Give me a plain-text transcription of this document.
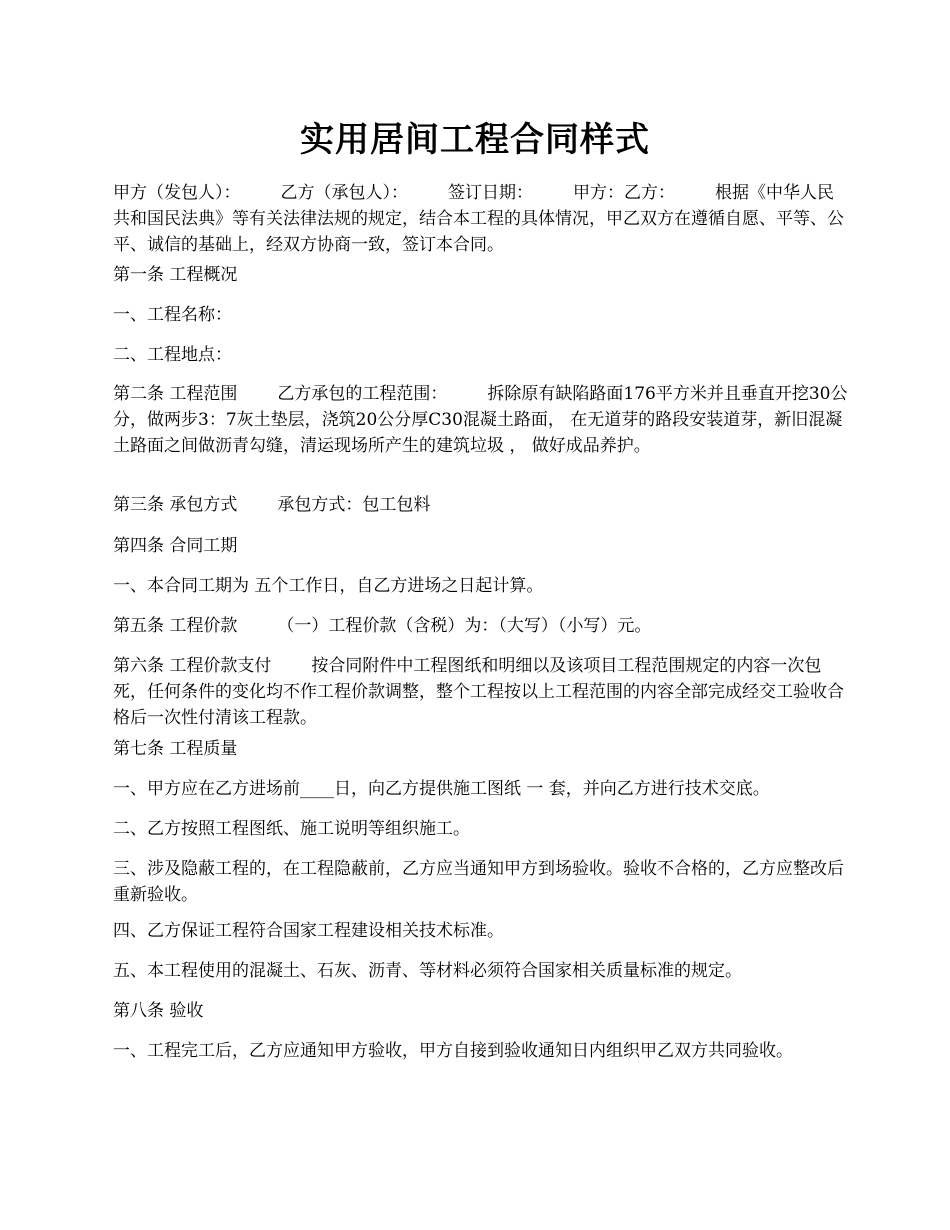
实用居间工程合同样式

甲方（发包人）： 乙方（承包人）： 签订日期： 甲方：乙方： 根据《中华人民共和国民法典》等有关法律法规的规定，结合本工程的具体情况，甲乙双方在遵循自愿、平等、公平、诚信的基础上，经双方协商一致，签订本合同。

第一条 工程概况

一、工程名称：

二、工程地点：

第二条 工程范围 乙方承包的工程范围： 拆除原有缺陷路面176平方米并且垂直开挖30公分，做两步3：7灰土垫层，浇筑20公分厚C30混凝土路面， 在无道芽的路段安装道芽，新旧混凝土路面之间做沥青勾缝，清运现场所产生的建筑垃圾 ， 做好成品养护。

第三条 承包方式 承包方式：包工包料

第四条 合同工期

一、本合同工期为 五个工作日，自乙方进场之日起计算。

第五条 工程价款 （一）工程价款（含税）为：（大写）（小写）元。

第六条 工程价款支付 按合同附件中工程图纸和明细以及该项目工程范围规定的内容一次包死，任何条件的变化均不作工程价款调整，整个工程按以上工程范围的内容全部完成经交工验收合格后一次性付清该工程款。

第七条 工程质量

一、甲方应在乙方进场前____日，向乙方提供施工图纸 一 套，并向乙方进行技术交底。

二、乙方按照工程图纸、施工说明等组织施工。

三、涉及隐蔽工程的，在工程隐蔽前，乙方应当通知甲方到场验收。验收不合格的，乙方应整改后重新验收。

四、乙方保证工程符合国家工程建设相关技术标准。

五、本工程使用的混凝土、石灰、沥青、等材料必须符合国家相关质量标准的规定。

第八条 验收

一、工程完工后，乙方应通知甲方验收，甲方自接到验收通知日内组织甲乙双方共同验收。
